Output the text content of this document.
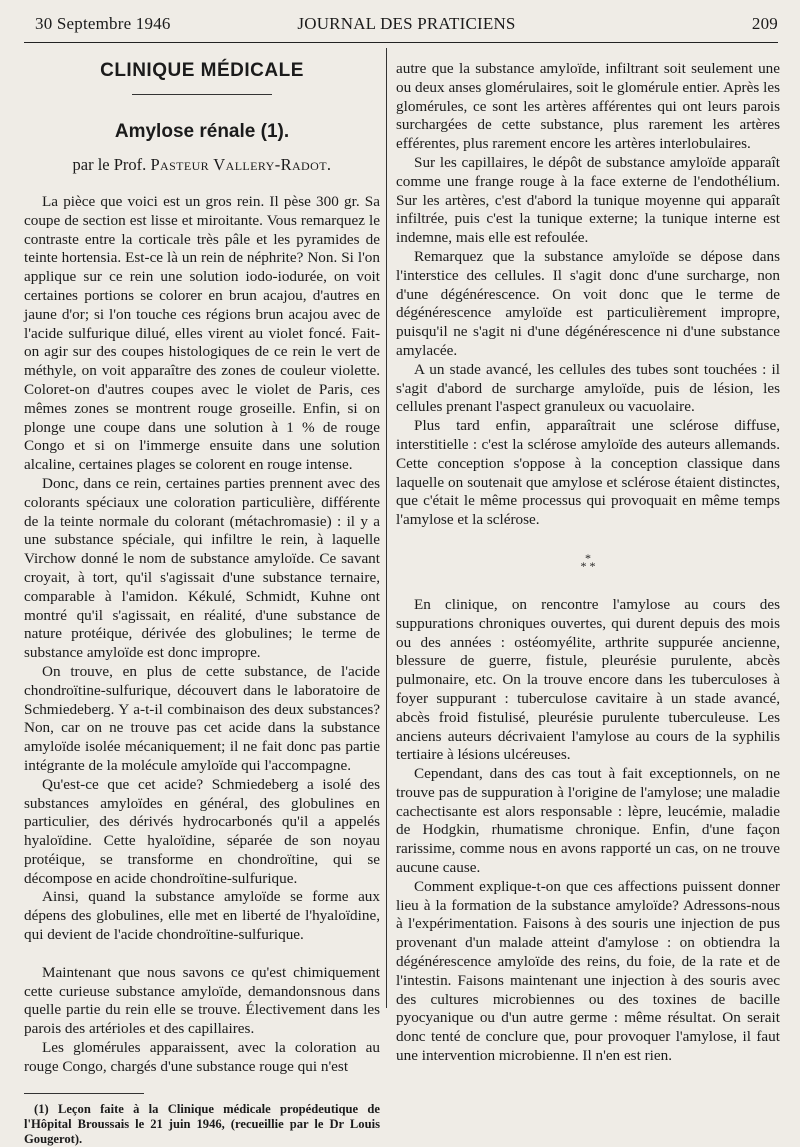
30 Septembre 1946	JOURNAL DES PRATICIENS	209
CLINIQUE MÉDICALE
Amylose rénale (1).
par le Prof. Pasteur Vallery-Radot.

La pièce que voici est un gros rein. Il pèse 300 gr. Sa coupe de section est lisse et miroitante. Vous remarquez le contraste entre la corticale très pâle et les pyramides de teinte hortensia. Est-ce là un rein de néphrite? Non. Si l'on applique sur ce rein une solution iodo-iodurée, on voit certaines portions se colorer en brun acajou, d'autres en jaune d'or; si l'on touche ces régions brun acajou avec de l'acide sulfurique dilué, elles virent au violet foncé. Fait-on agir sur des coupes histologiques de ce rein le vert de méthyle, on voit apparaître des zones de couleur violette. Coloret-on d'autres coupes avec le violet de Paris, ces mêmes zones se montrent rouge groseille. Enfin, si on plonge une coupe dans une solution à 1 % de rouge Congo et si on l'immerge ensuite dans une solution alcaline, certaines plages se colorent en rouge intense.

Donc, dans ce rein, certaines parties prennent avec des colorants spéciaux une coloration particulière, différente de la teinte normale du colorant (métachromasie) : il y a une substance spéciale, qui infiltre le rein, à laquelle Virchow donné le nom de substance amyloïde. Ce savant croyait, à tort, qu'il s'agissait d'une substance ternaire, comparable à l'amidon. Kékulé, Schmidt, Kuhne ont montré qu'il s'agissait, en réalité, d'une substance de nature protéique, dérivée des globulines; le terme de substance amyloïde est donc impropre.

On trouve, en plus de cette substance, de l'acide chondroïtine-sulfurique, découvert dans le laboratoire de Schmiedeberg. Y a-t-il combinaison des deux substances? Non, car on ne trouve pas cet acide dans la substance amyloïde isolée mécaniquement; il ne fait donc pas partie intégrante de la molécule amyloïde qui l'accompagne.

Qu'est-ce que cet acide? Schmiedeberg a isolé des substances amyloïdes en général, des globulines en particulier, des dérivés hydrocarbonés qu'il a appelés hyaloïdine. Cette hyaloïdine, séparée de son noyau protéique, se transforme en chondroïtine, qui se décompose en acide chondroïtine-sulfurique.

Ainsi, quand la substance amyloïde se forme aux dépens des globulines, elle met en liberté de l'hyaloïdine, qui devient de l'acide chondroïtine-sulfurique.

Maintenant que nous savons ce qu'est chimiquement cette curieuse substance amyloïde, demandonsnous dans quelle partie du rein elle se trouve. Électivement dans les parois des artérioles et des capillaires.

Les glomérules apparaissent, avec la coloration au rouge Congo, chargés d'une substance rouge qui n'est

(1) Leçon faite à la Clinique médicale propédeutique de l'Hôpital Broussais le 21 juin 1946, (recueillie par le Dr Louis Gougerot).

autre que la substance amyloïde, infiltrant soit seulement une ou deux anses glomérulaires, soit le glomérule entier. Après les glomérules, ce sont les artères afférentes qui ont leurs parois surchargées de cette substance, plus rarement les artères efférentes, plus rarement encore les artères interlobulaires.

Sur les capillaires, le dépôt de substance amyloïde apparaît comme une frange rouge à la face externe de l'endothélium. Sur les artères, c'est d'abord la tunique moyenne qui apparaît infiltrée, puis c'est la tunique externe; la tunique interne est indemne, mais elle est refoulée.

Remarquez que la substance amyloïde se dépose dans l'interstice des cellules. Il s'agit donc d'une surcharge, non d'une dégénérescence. On voit donc que le terme de dégénérescence amyloïde est particulièrement impropre, puisqu'il ne s'agit ni d'une dégénérescence ni d'une substance amylacée.

A un stade avancé, les cellules des tubes sont touchées : il s'agit d'abord de surcharge amyloïde, puis de lésion, les cellules prenant l'aspect granuleux ou vacuolaire.

Plus tard enfin, apparaîtrait une sclérose diffuse, interstitielle : c'est la sclérose amyloïde des auteurs allemands. Cette conception s'oppose à la conception classique dans laquelle on soutenait que amylose et sclérose étaient distinctes, que c'était le même processus qui provoquait en même temps l'amylose et la sclérose.

*
* *

En clinique, on rencontre l'amylose au cours des suppurations chroniques ouvertes, qui durent depuis des mois ou des années : ostéomyélite, arthrite suppurée ancienne, blessure de guerre, fistule, pleurésie purulente, abcès pulmonaire, etc. On la trouve encore dans les tuberculoses à foyer suppurant : tuberculose cavitaire à un stade avancé, abcès froid fistulisé, pleurésie purulente tuberculeuse. Les anciens auteurs décrivaient l'amylose au cours de la syphilis tertiaire à lésions ulcéreuses.

Cependant, dans des cas tout à fait exceptionnels, on ne trouve pas de suppuration à l'origine de l'amylose; une maladie cachectisante est alors responsable : lèpre, leucémie, maladie de Hodgkin, rhumatisme chronique. Enfin, d'une façon rarissime, comme nous en avons rapporté un cas, on ne trouve aucune cause.

Comment explique-t-on que ces affections puissent donner lieu à la formation de la substance amyloïde? Adressons-nous à l'expérimentation. Faisons à des souris une injection de pus provenant d'un malade atteint d'amylose : on obtiendra la dégénérescence amyloïde des reins, du foie, de la rate et de l'intestin. Faisons maintenant une injection à des souris avec des cultures microbiennes ou des toxines de bacille pyocyanique ou d'un autre germe : même résultat. On serait donc tenté de conclure que, pour provoquer l'amylose, il faut une intervention microbienne. Il n'en est rien.
